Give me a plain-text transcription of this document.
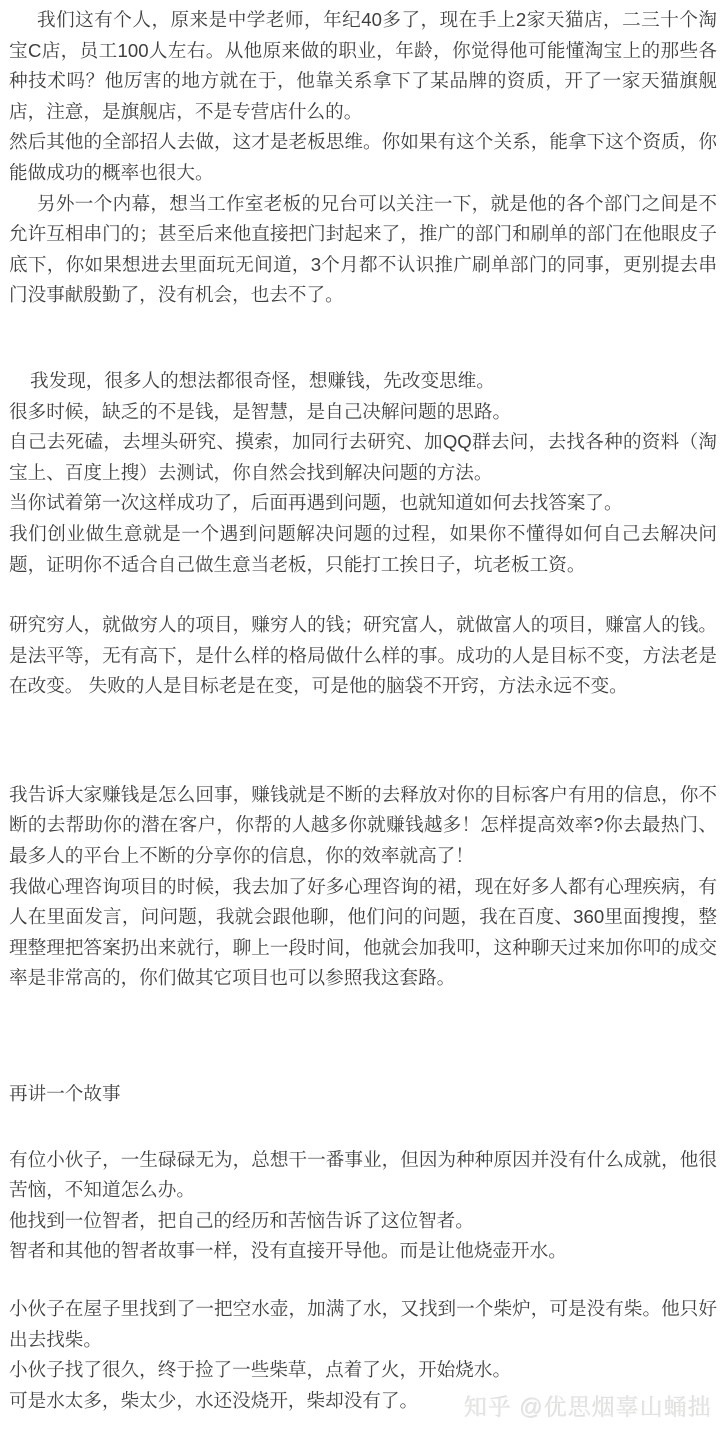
我们这有个人，原来是中学老师，年纪40多了，现在手上2家天猫店，二三十个淘宝C店，员工100人左右。从他原来做的职业，年龄，你觉得他可能懂淘宝上的那些各种技术吗？他厉害的地方就在于，他靠关系拿下了某品牌的资质，开了一家天猫旗舰店，注意，是旗舰店，不是专营店什么的。

然后其他的全部招人去做，这才是老板思维。你如果有这个关系，能拿下这个资质，你能做成功的概率也很大。

另外一个内幕，想当工作室老板的兄台可以关注一下，就是他的各个部门之间是不允许互相串门的；甚至后来他直接把门封起来了，推广的部门和刷单的部门在他眼皮子底下，你如果想进去里面玩无间道，3个月都不认识推广刷单部门的同事，更别提去串门没事献殷勤了，没有机会，也去不了。

我发现，很多人的想法都很奇怪，想赚钱，先改变思维。

很多时候，缺乏的不是钱，是智慧，是自己决解问题的思路。

自己去死磕，去埋头研究、摸索，加同行去研究、加QQ群去问，去找各种的资料（淘宝上、百度上搜）去测试，你自然会找到解决问题的方法。

当你试着第一次这样成功了，后面再遇到问题，也就知道如何去找答案了。

我们创业做生意就是一个遇到问题解决问题的过程，如果你不懂得如何自己去解决问题，证明你不适合自己做生意当老板，只能打工挨日子，坑老板工资。

研究穷人，就做穷人的项目，赚穷人的钱；研究富人，就做富人的项目，赚富人的钱。是法平等，无有高下，是什么样的格局做什么样的事。成功的人是目标不变，方法老是在改变。 失败的人是目标老是在变，可是他的脑袋不开窍，方法永远不变。

我告诉大家赚钱是怎么回事，赚钱就是不断的去释放对你的目标客户有用的信息，你不断的去帮助你的潜在客户，你帮的人越多你就赚钱越多！怎样提高效率?你去最热门、最多人的平台上不断的分享你的信息，你的效率就高了！

我做心理咨询项目的时候，我去加了好多心理咨询的裙，现在好多人都有心理疾病，有人在里面发言，问问题，我就会跟他聊，他们问的问题，我在百度、360里面搜搜，整理整理把答案扔出来就行，聊上一段时间，他就会加我叩，这种聊天过来加你叩的成交率是非常高的，你们做其它项目也可以参照我这套路。

再讲一个故事

有位小伙子，一生碌碌无为，总想干一番事业，但因为种种原因并没有什么成就，他很苦恼，不知道怎么办。

他找到一位智者，把自己的经历和苦恼告诉了这位智者。

智者和其他的智者故事一样，没有直接开导他。而是让他烧壶开水。

小伙子在屋子里找到了一把空水壶，加满了水，又找到一个柴炉，可是没有柴。他只好出去找柴。

小伙子找了很久，终于捡了一些柴草，点着了火，开始烧水。

可是水太多，柴太少，水还没烧开，柴却没有了。	知乎 @优思烟辜山蛹拙
